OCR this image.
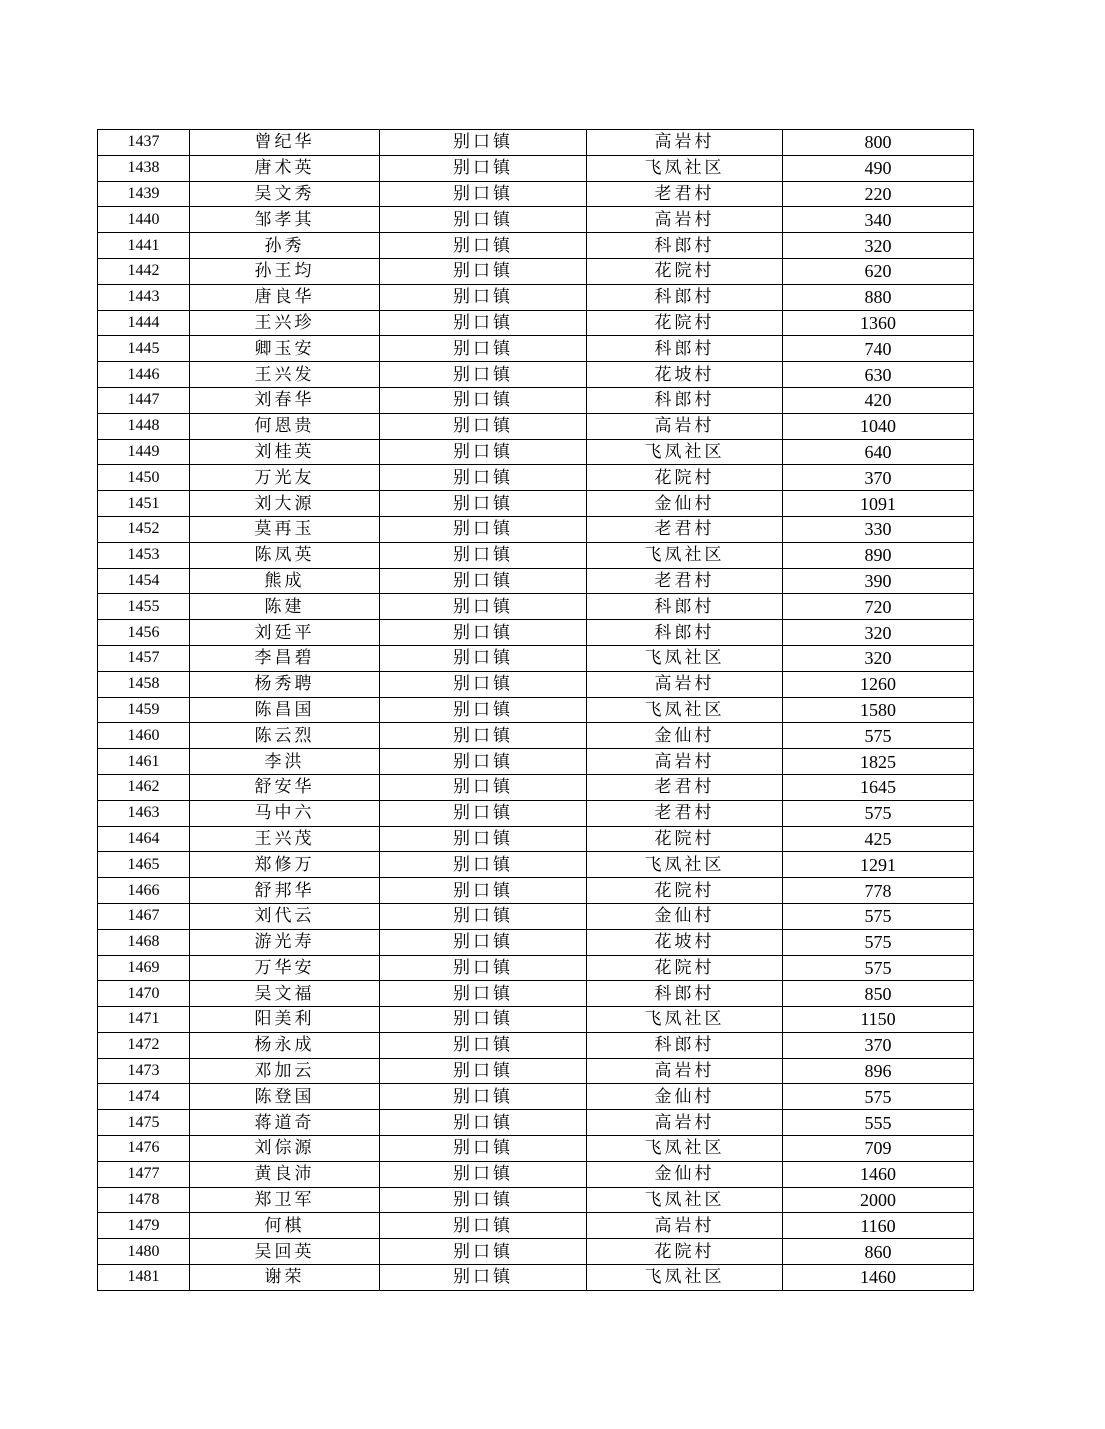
1437	曾纪华	别口镇	高岩村	800
1438	唐术英	别口镇	飞凤社区	490
1439	吴文秀	别口镇	老君村	220
1440	邹孝其	别口镇	高岩村	340
1441	孙秀	别口镇	科郎村	320
1442	孙王均	别口镇	花院村	620
1443	唐良华	别口镇	科郎村	880
1444	王兴珍	别口镇	花院村	1360
1445	卿玉安	别口镇	科郎村	740
1446	王兴发	别口镇	花坡村	630
1447	刘春华	别口镇	科郎村	420
1448	何恩贵	别口镇	高岩村	1040
1449	刘桂英	别口镇	飞凤社区	640
1450	万光友	别口镇	花院村	370
1451	刘大源	别口镇	金仙村	1091
1452	莫再玉	别口镇	老君村	330
1453	陈凤英	别口镇	飞凤社区	890
1454	熊成	别口镇	老君村	390
1455	陈建	别口镇	科郎村	720
1456	刘廷平	别口镇	科郎村	320
1457	李昌碧	别口镇	飞凤社区	320
1458	杨秀聘	别口镇	高岩村	1260
1459	陈昌国	别口镇	飞凤社区	1580
1460	陈云烈	别口镇	金仙村	575
1461	李洪	别口镇	高岩村	1825
1462	舒安华	别口镇	老君村	1645
1463	马中六	别口镇	老君村	575
1464	王兴茂	别口镇	花院村	425
1465	郑修万	别口镇	飞凤社区	1291
1466	舒邦华	别口镇	花院村	778
1467	刘代云	别口镇	金仙村	575
1468	游光寿	别口镇	花坡村	575
1469	万华安	别口镇	花院村	575
1470	吴文福	别口镇	科郎村	850
1471	阳美利	别口镇	飞凤社区	1150
1472	杨永成	别口镇	科郎村	370
1473	邓加云	别口镇	高岩村	896
1474	陈登国	别口镇	金仙村	575
1475	蒋道奇	别口镇	高岩村	555
1476	刘倧源	别口镇	飞凤社区	709
1477	黄良沛	别口镇	金仙村	1460
1478	郑卫军	别口镇	飞凤社区	2000
1479	何棋	别口镇	高岩村	1160
1480	吴回英	别口镇	花院村	860
1481	谢荣	别口镇	飞凤社区	1460
